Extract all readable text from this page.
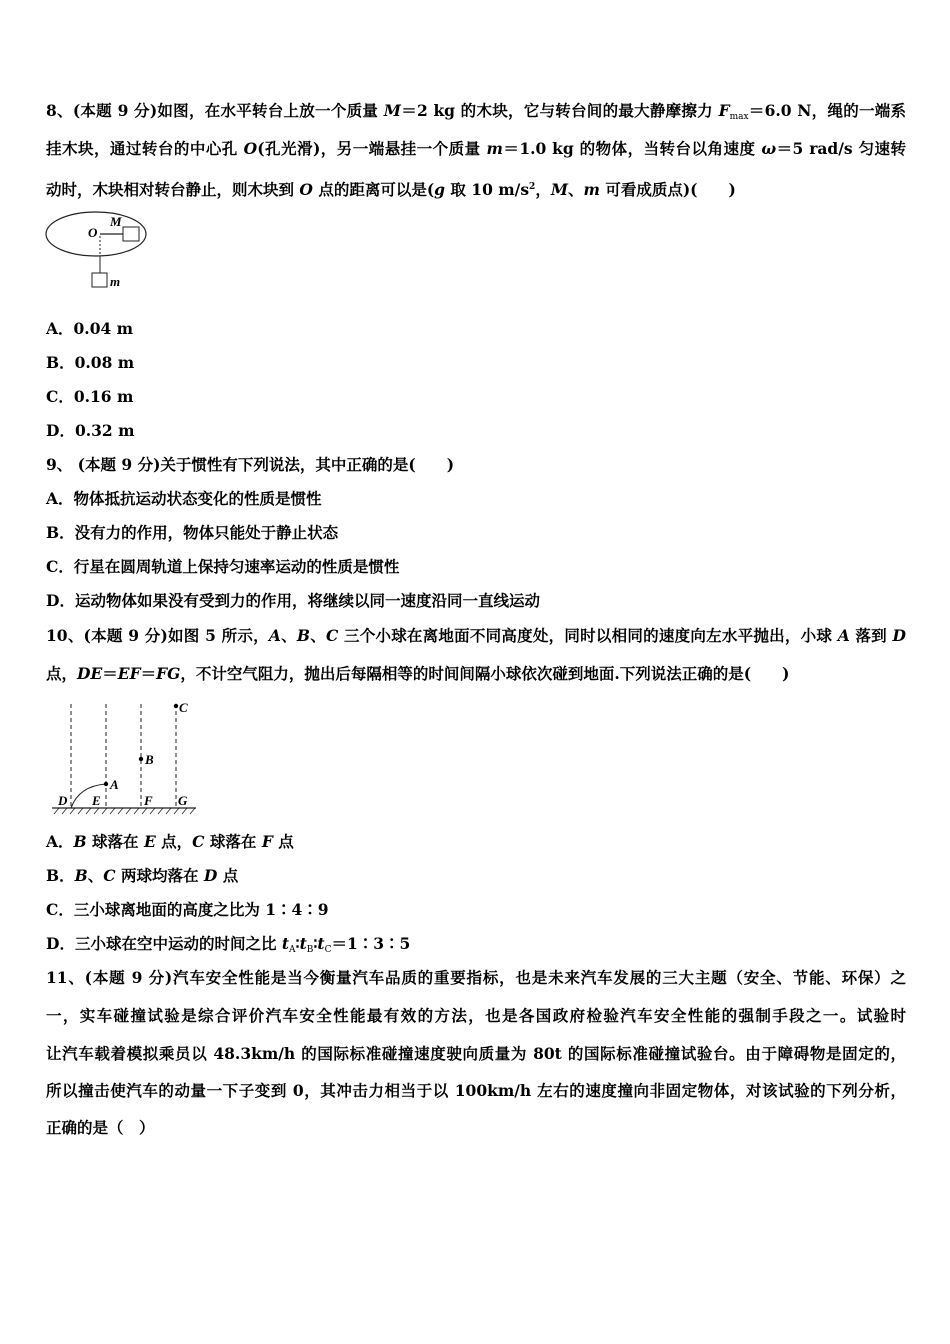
8、(本题 9 分)如图，在水平转台上放一个质量 M＝2 kg 的木块，它与转台间的最大静摩擦力 $F_{max}=6.0$ N，绳的一端系
挂木块，通过转台的中心孔 O(孔光滑)，另一端悬挂一个质量 m＝1.0 kg 的物体，当转台以角速度 ω＝5 rad/s 匀速转
动时，木块相对转台静止，则木块到 O 点的距离可以是(g 取 10 $m/s^2$，M、m 可看成质点)(　　)
A．0.04 m
B．0.08 m
C．0.16 m
D．0.32 m
9、 (本题 9 分)关于惯性有下列说法，其中正确的是(　　)
A．物体抵抗运动状态变化的性质是惯性
B．没有力的作用，物体只能处于静止状态
C．行星在圆周轨道上保持匀速率运动的性质是惯性
D．运动物体如果没有受到力的作用，将继续以同一速度沿同一直线运动
10、(本题 9 分)如图 5 所示，A、B、C 三个小球在离地面不同高度处，同时以相同的速度向左水平抛出，小球 A 落到 D
点，DE＝EF＝FG，不计空气阻力，抛出后每隔相等的时间间隔小球依次碰到地面.下列说法正确的是(　　)
A．B 球落在 E 点，C 球落在 F 点
B．B、C 两球均落在 D 点
C．三小球离地面的高度之比为 1∶4∶9
D．三小球在空中运动的时间之比 $t_A∶t_B∶t_C=1∶3∶5$
11、(本题 9 分)汽车安全性能是当今衡量汽车品质的重要指标，也是未来汽车发展的三大主题（安全、节能、环保）之
一，实车碰撞试验是综合评价汽车安全性能最有效的方法，也是各国政府检验汽车安全性能的强制手段之一。试验时
让汽车载着模拟乘员以 48.3km/h 的国际标准碰撞速度驶向质量为 80t 的国际标准碰撞试验台。由于障碍物是固定的，
所以撞击使汽车的动量一下子变到 0，其冲击力相当于以 100km/h 左右的速度撞向非固定物体，对该试验的下列分析，
正确的是（　）
O
M
m
A
B
C
D E	F G
